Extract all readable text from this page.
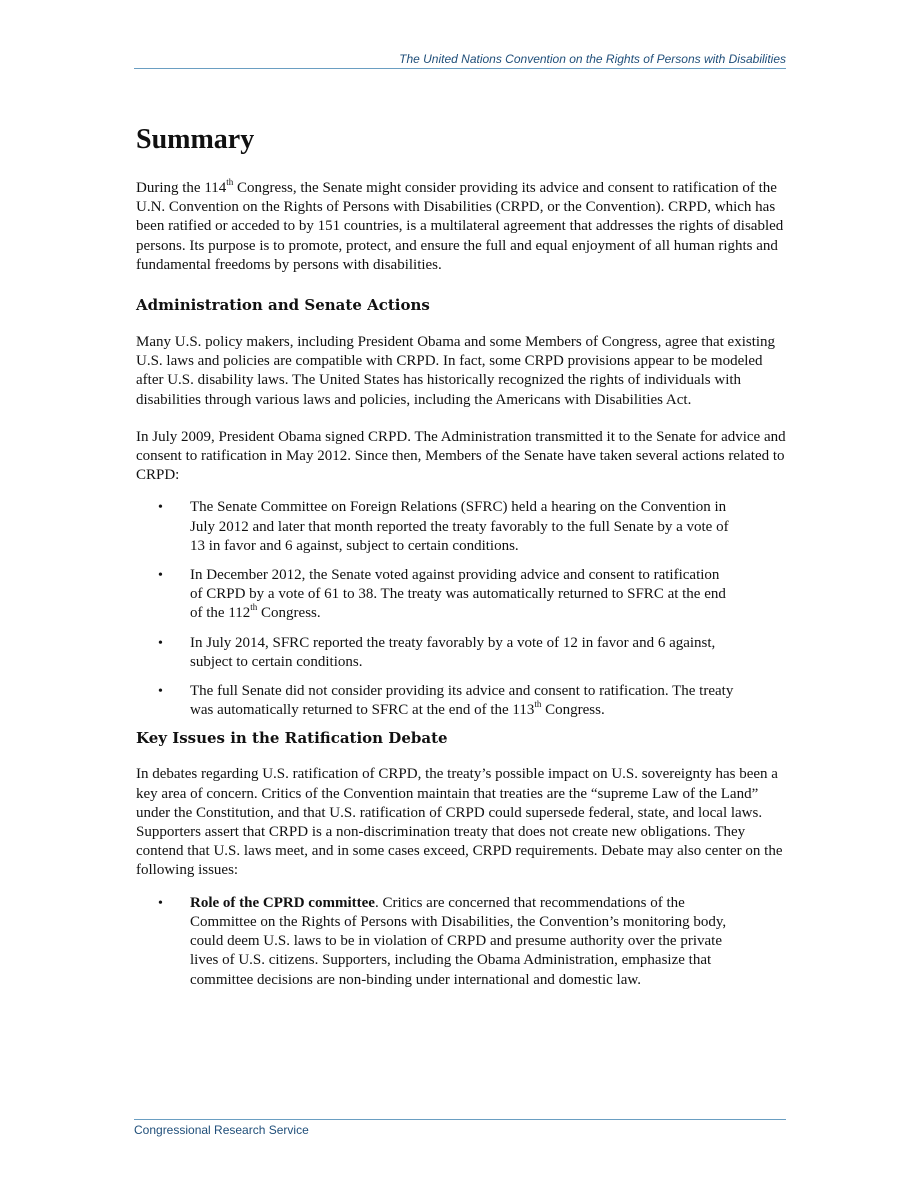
The United Nations Convention on the Rights of Persons with Disabilities
Summary

During the 114th Congress, the Senate might consider providing its advice and consent to ratification of the U.N. Convention on the Rights of Persons with Disabilities (CRPD, or the Convention). CRPD, which has been ratified or acceded to by 151 countries, is a multilateral agreement that addresses the rights of disabled persons. Its purpose is to promote, protect, and ensure the full and equal enjoyment of all human rights and fundamental freedoms by persons with disabilities.

Administration and Senate Actions

Many U.S. policy makers, including President Obama and some Members of Congress, agree that existing U.S. laws and policies are compatible with CRPD. In fact, some CRPD provisions appear to be modeled after U.S. disability laws. The United States has historically recognized the rights of individuals with disabilities through various laws and policies, including the Americans with Disabilities Act.

In July 2009, President Obama signed CRPD. The Administration transmitted it to the Senate for advice and consent to ratification in May 2012. Since then, Members of the Senate have taken several actions related to CRPD:

• The Senate Committee on Foreign Relations (SFRC) held a hearing on the Convention in July 2012 and later that month reported the treaty favorably to the full Senate by a vote of 13 in favor and 6 against, subject to certain conditions.
• In December 2012, the Senate voted against providing advice and consent to ratification of CRPD by a vote of 61 to 38. The treaty was automatically returned to SFRC at the end of the 112th Congress.
• In July 2014, SFRC reported the treaty favorably by a vote of 12 in favor and 6 against, subject to certain conditions.
• The full Senate did not consider providing its advice and consent to ratification. The treaty was automatically returned to SFRC at the end of the 113th Congress.
Key Issues in the Ratification Debate

In debates regarding U.S. ratification of CRPD, the treaty’s possible impact on U.S. sovereignty has been a key area of concern. Critics of the Convention maintain that treaties are the “supreme Law of the Land” under the Constitution, and that U.S. ratification of CRPD could supersede federal, state, and local laws. Supporters assert that CRPD is a non-discrimination treaty that does not create new obligations. They contend that U.S. laws meet, and in some cases exceed, CRPD requirements. Debate may also center on the following issues:

• Role of the CPRD committee. Critics are concerned that recommendations of the Committee on the Rights of Persons with Disabilities, the Convention’s monitoring body, could deem U.S. laws to be in violation of CRPD and presume authority over the private lives of U.S. citizens. Supporters, including the Obama Administration, emphasize that committee decisions are non-binding under international and domestic law.
Congressional Research Service
